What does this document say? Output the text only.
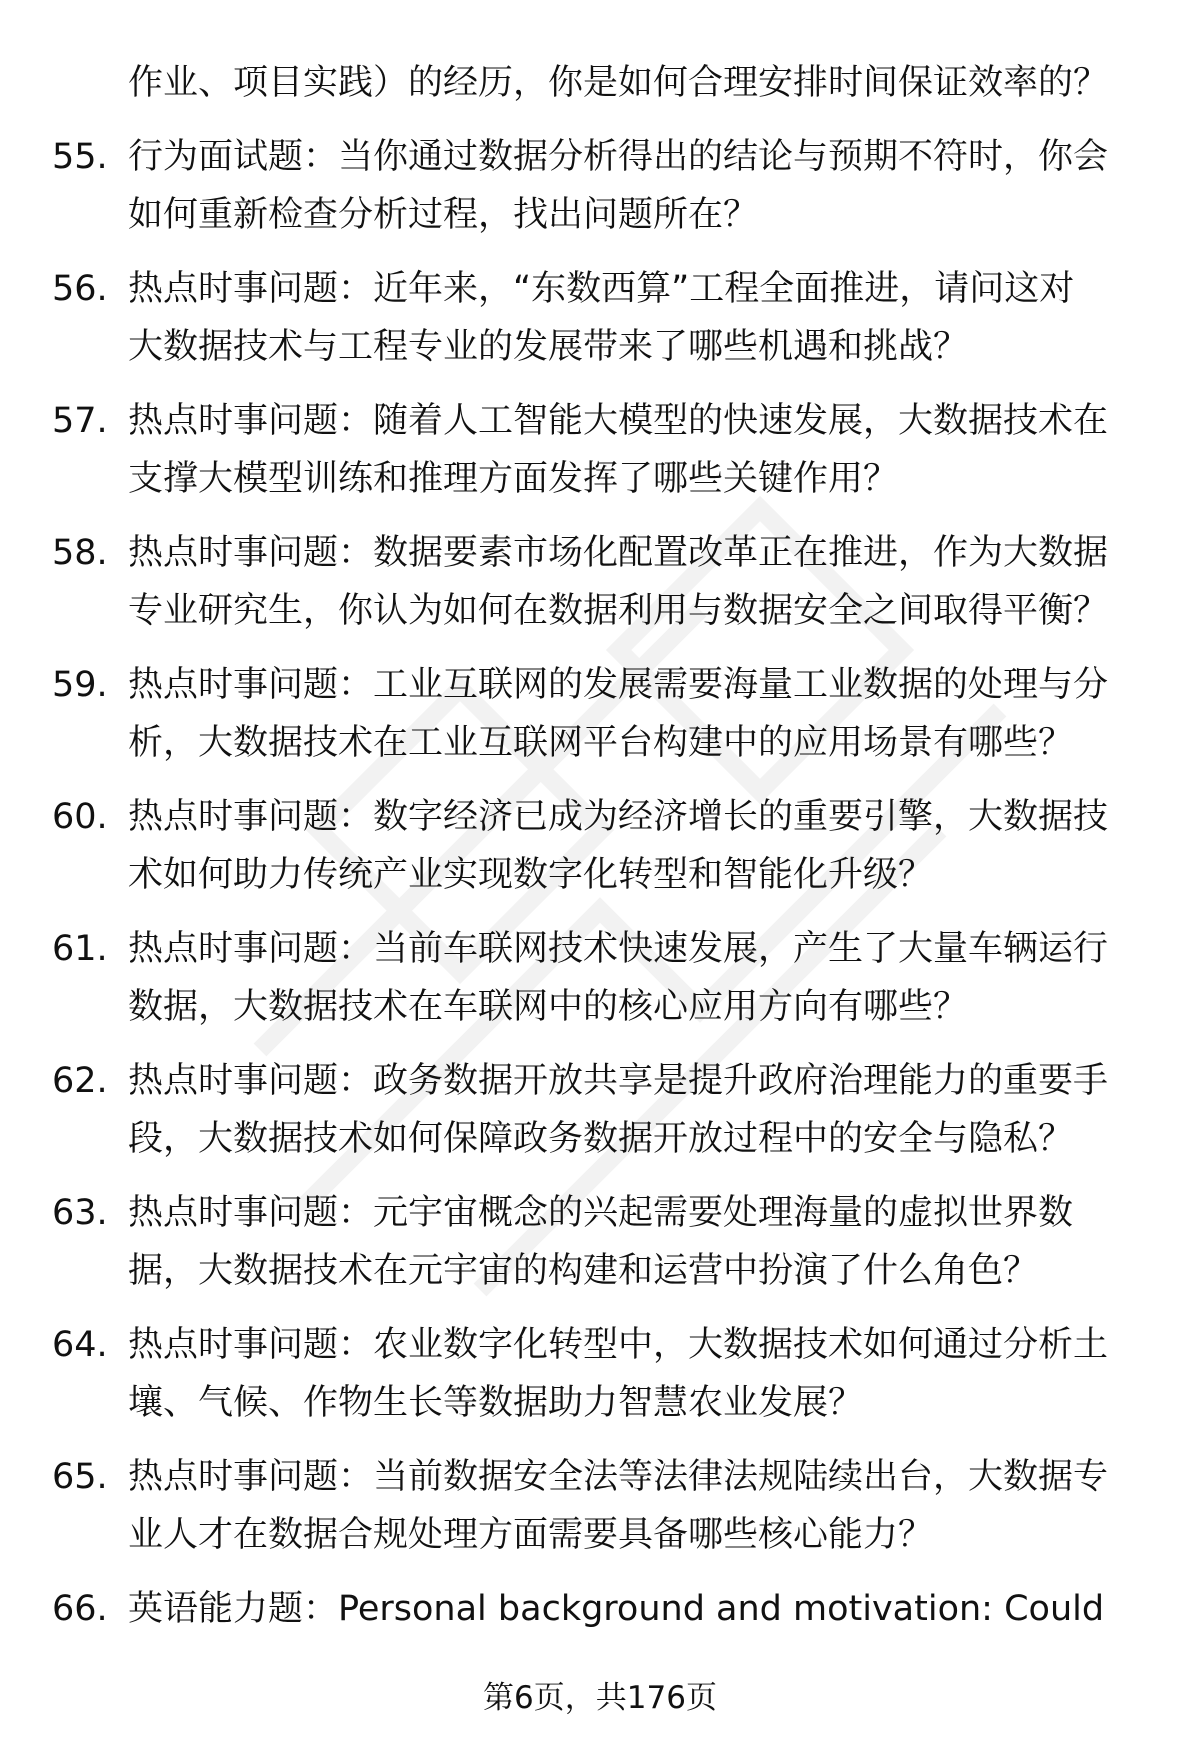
作业、项目实践）的经历，你是如何合理安排时间保证效率的？
55. 行为面试题：当你通过数据分析得出的结论与预期不符时，你会
如何重新检查分析过程，找出问题所在？
56. 热点时事问题：近年来，“东数西算”工程全面推进，请问这对
大数据技术与工程专业的发展带来了哪些机遇和挑战？
57. 热点时事问题：随着人工智能大模型的快速发展，大数据技术在
支撑大模型训练和推理方面发挥了哪些关键作用？
58. 热点时事问题：数据要素市场化配置改革正在推进，作为大数据
专业研究生，你认为如何在数据利用与数据安全之间取得平衡？
59. 热点时事问题：工业互联网的发展需要海量工业数据的处理与分
析，大数据技术在工业互联网平台构建中的应用场景有哪些？
60. 热点时事问题：数字经济已成为经济增长的重要引擎，大数据技
术如何助力传统产业实现数字化转型和智能化升级？
61. 热点时事问题：当前车联网技术快速发展，产生了大量车辆运行
数据，大数据技术在车联网中的核心应用方向有哪些？
62. 热点时事问题：政务数据开放共享是提升政府治理能力的重要手
段，大数据技术如何保障政务数据开放过程中的安全与隐私？
63. 热点时事问题：元宇宙概念的兴起需要处理海量的虚拟世界数
据，大数据技术在元宇宙的构建和运营中扮演了什么角色？
64. 热点时事问题：农业数字化转型中，大数据技术如何通过分析土
壤、气候、作物生长等数据助力智慧农业发展？
65. 热点时事问题：当前数据安全法等法律法规陆续出台，大数据专
业人才在数据合规处理方面需要具备哪些核心能力？
66. 英语能力题：Personal background and motivation: Could
第6页，共176页
